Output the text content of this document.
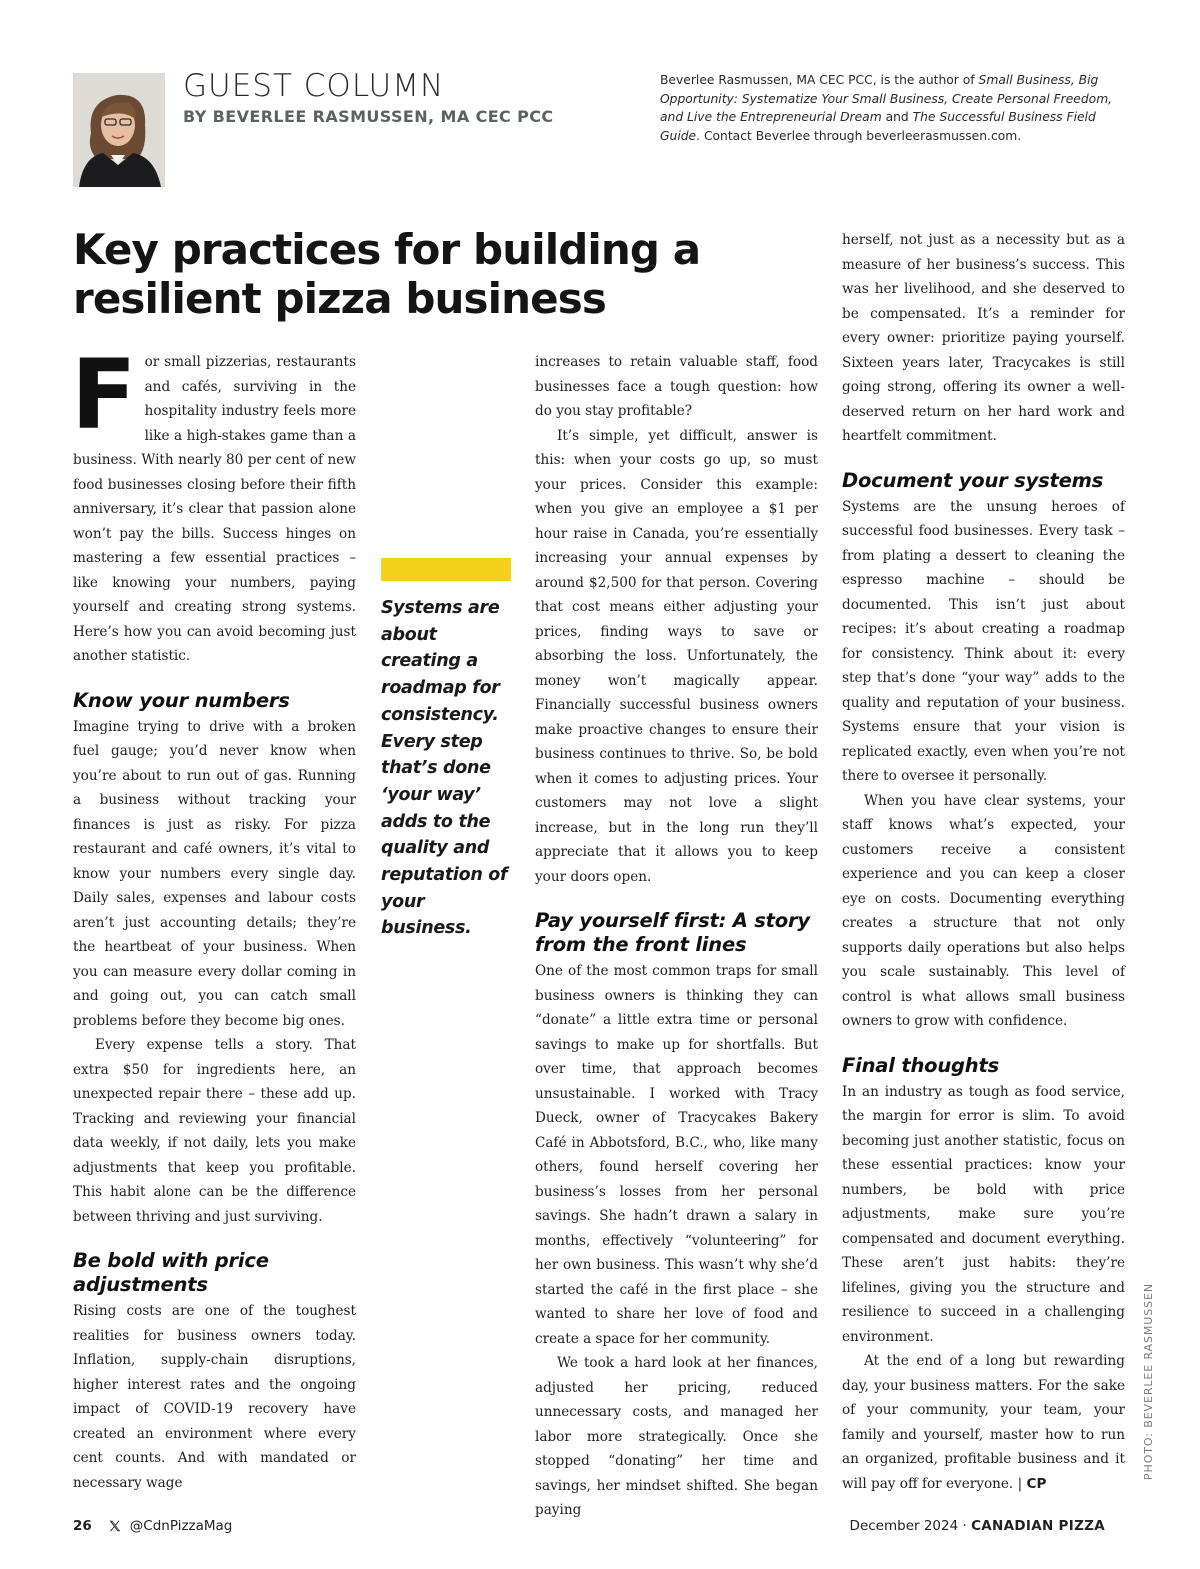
GUEST COLUMN
BY BEVERLEE RASMUSSEN, MA CEC PCC
Beverlee Rasmussen, MA CEC PCC, is the author of Small Business, Big Opportunity: Systematize Your Small Business, Create Personal Freedom, and Live the Entrepreneurial Dream and The Successful Business Field Guide. Contact Beverlee through beverleerasmussen.com.
Key practices for building a resilient pizza business

For small pizzerias, restaurants and cafés, surviving in the hospitality industry feels more like a high-stakes game than a business. With nearly 80 per cent of new food businesses closing before their fifth anniversary, it’s clear that passion alone won’t pay the bills. Success hinges on mastering a few essential practices – like knowing your numbers, paying yourself and creating strong systems. Here’s how you can avoid becoming just another statistic.

Know your numbers

Imagine trying to drive with a broken fuel gauge; you’d never know when you’re about to run out of gas. Running a business without tracking your finances is just as risky. For pizza restaurant and café owners, it’s vital to know your numbers every single day. Daily sales, expenses and labour costs aren’t just accounting details; they’re the heartbeat of your business. When you can measure every dollar coming in and going out, you can catch small problems before they become big ones.

Every expense tells a story. That extra $50 for ingredients here, an unexpected repair there – these add up. Tracking and reviewing your financial data weekly, if not daily, lets you make adjustments that keep you profitable. This habit alone can be the difference between thriving and just surviving.

Be bold with price adjustments

Rising costs are one of the toughest realities for business owners today. Inflation, supply-chain disruptions, higher interest rates and the ongoing impact of COVID-19 recovery have created an environment where every cent counts. And with mandated or necessary wage

Systems are about creating a roadmap for consistency. Every step that’s done ‘your way’ adds to the quality and reputation of your business.

increases to retain valuable staff, food businesses face a tough question: how do you stay profitable?

It’s simple, yet difficult, answer is this: when your costs go up, so must your prices. Consider this example: when you give an employee a $1 per hour raise in Canada, you’re essentially increasing your annual expenses by around $2,500 for that person. Covering that cost means either adjusting your prices, finding ways to save or absorbing the loss. Unfortunately, the money won’t magically appear. Financially successful business owners make proactive changes to ensure their business continues to thrive. So, be bold when it comes to adjusting prices. Your customers may not love a slight increase, but in the long run they’ll appreciate that it allows you to keep your doors open.

Pay yourself first: A story from the front lines

One of the most common traps for small business owners is thinking they can “donate” a little extra time or personal savings to make up for shortfalls. But over time, that approach becomes unsustainable. I worked with Tracy Dueck, owner of Tracycakes Bakery Café in Abbotsford, B.C., who, like many others, found herself covering her business’s losses from her personal savings. She hadn’t drawn a salary in months, effectively “volunteering” for her own business. This wasn’t why she’d started the café in the first place – she wanted to share her love of food and create a space for her community.

We took a hard look at her finances, adjusted her pricing, reduced unnecessary costs, and managed her labor more strategically. Once she stopped “donating” her time and savings, her mindset shifted. She began paying

herself, not just as a necessity but as a measure of her business’s success. This was her livelihood, and she deserved to be compensated. It’s a reminder for every owner: prioritize paying yourself. Sixteen years later, Tracycakes is still going strong, offering its owner a well-deserved return on her hard work and heartfelt commitment.

Document your systems

Systems are the unsung heroes of successful food businesses. Every task – from plating a dessert to cleaning the espresso machine – should be documented. This isn’t just about recipes: it’s about creating a roadmap for consistency. Think about it: every step that’s done “your way” adds to the quality and reputation of your business. Systems ensure that your vision is replicated exactly, even when you’re not there to oversee it personally.

When you have clear systems, your staff knows what’s expected, your customers receive a consistent experience and you can keep a closer eye on costs. Documenting everything creates a structure that not only supports daily operations but also helps you scale sustainably. This level of control is what allows small business owners to grow with confidence.

Final thoughts

In an industry as tough as food service, the margin for error is slim. To avoid becoming just another statistic, focus on these essential practices: know your numbers, be bold with price adjustments, make sure you’re compensated and document everything. These aren’t just habits: they’re lifelines, giving you the structure and resilience to succeed in a challenging environment.

At the end of a long but rewarding day, your business matters. For the sake of your community, your team, your family and yourself, master how to run an organized, profitable business and it will pay off for everyone. | CP

PHOTO: BEVERLEE RASMUSSEN
26	@CdnPizzaMag	December 2024 · CANADIAN PIZZA
